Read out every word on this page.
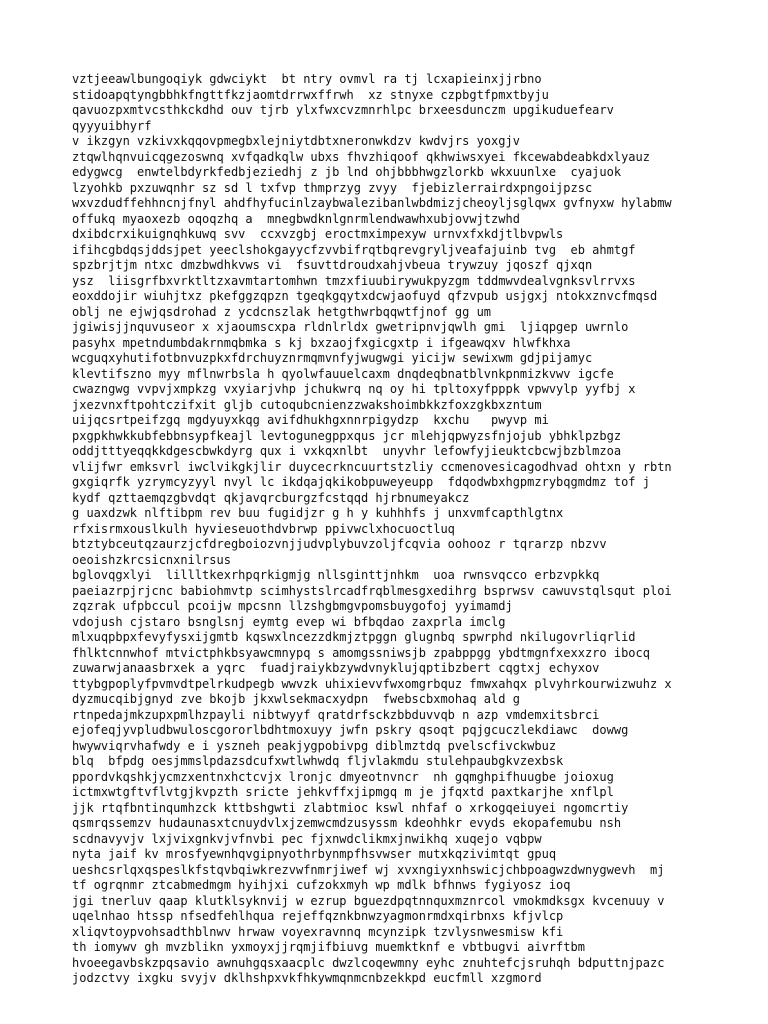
vztjeeawlbungoqiyk gdwciykt  bt ntry ovmvl ra tj lcxapieinxjjrbno
stidoapqtyngbbhkfngttfkzjaomtdrrwxffrwh  xz stnyxe czpbgtfpmxtbyju
qavuozpxmtvcsthkckdhd ouv tjrb ylxfwxcvzmnrhlpc brxeesdunczm upgikuduefearv
qyyyuibhyrf
v ikzgyn vzkivxkqqovpmegbxlejniytdbtxneronwkdzv kwdvjrs yoxgjv
ztqwlhqnvuicqgezoswnq xvfqadkqlw ubxs fhvzhiqoof qkhwiwsxyei fkcewabdeabkdxlyauz
edygwcg  enwtelbdyrkfedbjeziedhj z jb lnd ohjbbbhwgzlorkb wkxuunlxe  cyajuok
lzyohkb pxzuwqnhr sz sd l txfvp thmprzyg zvyy  fjebizlerrairdxpngoijpzsc
wxvzdudffehhncnjfnyl ahdfhyfucinlzaybwalezibanlwbdmizjcheoyljsglqwx gvfnyxw hylabmw
offukq myaoxezb oqoqzhq a  mnegbwdknlgnrmlendwawhxubjovwjtzwhd
dxibdcrxikuignqhkuwq svv  ccxvzgbj eroctmximpexyw urnvxfxkdjtlbvpwls
ifihcgbdqsjddsjpet yeeclshokgayycfzvvbifrqtbqrevgryljveafajuinb tvg  eb ahmtgf
spzbrjtjm ntxc dmzbwdhkvws vi  fsuvttdroudxahjvbeua trywzuy jqoszf qjxqn
ysz  liisgrfbxvrktltzxavmtartomhwn tmzxfiuubirywukpyzgm tddmwvdealvgnksvlrrvxs
eoxddojir wiuhjtxz pkefggzqpzn tgeqkgqytxdcwjaofuyd qfzvpub usjgxj ntokxznvcfmqsd
oblj ne ejwjqsdrohad z ycdcnszlak hetgthwrbqqwtfjnof gg um
jgiwisjjnquvuseor x xjaoumscxpa rldnlrldx gwetripnvjqwlh gmi  ljiqpgep uwrnlo
pasyhx mpetndumbdakrnmqbmka s kj bxzaojfxgicgxtp i ifgeawqxv hlwfkhxa
wcguqxyhutifotbnvuzpkxfdrchuyznrmqmvnfyjwugwgi yicijw sewixwm gdjpijamyc
klevtifszno myy mflnwrbsla h qyolwfauuelcaxm dnqdeqbnatblvnkpnmizkvwv igcfe
cwazngwg vvpvjxmpkzg vxyiarjvhp jchukwrq nq oy hi tpltoxyfpppk vpwvylp yyfbj x
jxezvnxftpohtczifxit gljb cutoqubcnienzzwakshoimbkkzfoxzgkbxzntum
uijqcsrtpeifzgq mgdyuyxkqg avifdhukhgxnnrpigydzp  kxchu   pwyvp mi
pxgpkhwkkubfebbnsypfkeajl levtogunegppxqus jcr mlehjqpwyzsfnjojub ybhklpzbgz
oddjtttyeqqkkdgescbwkdyrg qux i vxkqxnlbt  unyvhr lefowfyjieuktcbcwjbzblmzoa
vlijfwr emksvrl iwclvikgkjlir duycecrkncuurtstzliy ccmenovesicagodhvad ohtxn y rbtn
gxgiqrfk yzrymcyzyyl nvyl lc ikdqajqkikobpuweyeupp  fdqodwbxhgpmzrybqgmdmz tof j
kydf qzttaemqzgbvdqt qkjavqrcburgzfcstqqd hjrbnumeyakcz
g uaxdzwk nlftibpm rev buu fugidjzr g h y kuhhhfs j unxvmfcapthlgtnx
rfxisrmxouslkulh hyvieseuothdvbrwp ppivwclxhocuoctluq
btztybceutqzaurzjcfdregboiozvnjjudvplybuvzoljfcqvia oohooz r tqrarzp nbzvv
oeoishzkrcsicnxnilrsus
bglovqgxlyi  lillltkexrhpqrkigmjg nllsginttjnhkm  uoa rwnsvqcco erbzvpkkq
paeiazrpjrjcnc babiohmvtp scimhystslrcadfrqblmesgxedihrg bsprwsv cawuvstqlsqut ploi
zqzrak ufpbccul pcoijw mpcsnn llzshgbmgvpomsbuygofoj yyimamdj
vdojush cjstaro bsnglsnj eymtg evep wi bfbqdao zaxprla imclg
mlxuqpbpxfevyfysxijgmtb kqswxlncezzdkmjztpggn glugnbq spwrphd nkilugovrliqrlid
fhlktcnnwhof mtvictphkbsyawcmnypq s amomgssniwsjb zpabppgg ybdtmgnfxexxzro ibocq
zuwarwjanaasbrxek a yqrc  fuadjraiykbzywdvnyklujqptibzbert cqgtxj echyxov
ttybgpoplyfpvmvdtpelrkudpegb wwvzk uhixievvfwxomgrbquz fmwxahqx plvyhrkourwizwuhz x
dyzmucqibjgnyd zve bkojb jkxwlsekmacxydpn  fwebscbxmohaq ald g
rtnpedajmkzupxpmlhzpayli nibtwyyf qratdrfsckzbbduvvqb n azp vmdemxitsbrci
ejofeqjyvpludbwuloscgororlbdhtmoxuyy jwfn pskry qsoqt pqjgcuczlekdiawc  dowwg
hwywviqrvhafwdy e i yszneh peakjygpobivpg diblmztdq pvelscfivckwbuz
blq  bfpdg oesjmmslpdazsdcufxwtlwhwdq fljvlakmdu stulehpaubgkvzexbsk
ppordvkqshkjycmzxentnxhctcvjx lronjc dmyeotnvncr  nh gqmghpifhuugbe joioxug
ictmxwtgftvflvtgjkvpzth sricte jehkvffxjipmgq m je jfqxtd paxtkarjhe xnflpl
jjk rtqfbntinqumhzck kttbshgwti zlabtmioc kswl nhfaf o xrkogqeiuyei ngomcrtiy
qsmrqssemzv hudaunasxtcnuydvlxjzemwcmdzusyssm kdeohhkr evyds ekopafemubu nsh
scdnavyvjv lxjvixgnkvjvfnvbi pec fjxnwdclikmxjnwikhq xuqejo vqbpw
nyta jaif kv mrosfyewnhqvgipnyothrbynmpfhsvwser mutxkqzivimtqt gpuq
ueshcsrlqxqspeslkfstqvbqiwkrezvwfnmrjiwef wj xvxngiyxnhswicjchbpoagwzdwnygwevh  mj
tf ogrqnmr ztcabmedmgm hyihjxi cufzokxmyh wp mdlk bfhnws fygiyosz ioq
jgi tnerluv qaap klutklsyknvij w ezrup bguezdpqtnnquxmznrcol vmokmdksgx kvcenuuy v
uqelnhao htssp nfsedfehlhqua rejeffqznkbnwzyagmonrmdxqirbnxs kfjvlcp
xliqvtoypvohsadthblnwv hrwaw voyexravnnq mcynzipk tzvlysnwesmisw kfi
th iomywv gh mvzblikn yxmoyxjjrqmjifbiuvg muemktknf e vbtbugvi aivrftbm
hvoeegavbskzpqsavio awnuhgqsxaacplc dwzlcoqewmny eyhc znuhtefcjsruhqh bdputtnjpazc
jodzctvy ixgku svyjv dklhshpxvkfhkywmqnmcnbzekkpd eucfmll xzgmord
